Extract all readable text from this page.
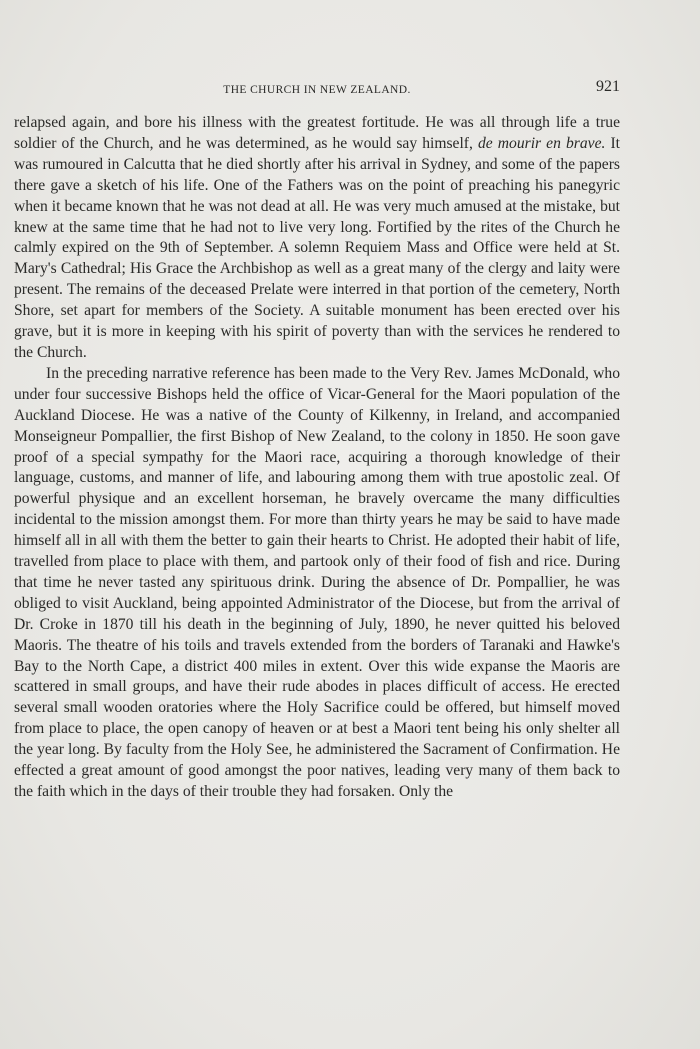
THE CHURCH IN NEW ZEALAND.	921

relapsed again, and bore his illness with the greatest fortitude. He was all through life a true soldier of the Church, and he was determined, as he would say himself, de mourir en brave. It was rumoured in Calcutta that he died shortly after his arrival in Sydney, and some of the papers there gave a sketch of his life. One of the Fathers was on the point of preaching his panegyric when it became known that he was not dead at all. He was very much amused at the mistake, but knew at the same time that he had not to live very long. Fortified by the rites of the Church he calmly expired on the 9th of September. A solemn Requiem Mass and Office were held at St. Mary's Cathedral; His Grace the Archbishop as well as a great many of the clergy and laity were present. The remains of the deceased Prelate were interred in that portion of the cemetery, North Shore, set apart for members of the Society. A suitable monument has been erected over his grave, but it is more in keeping with his spirit of poverty than with the services he rendered to the Church.

In the preceding narrative reference has been made to the Very Rev. James McDonald, who under four successive Bishops held the office of Vicar-General for the Maori population of the Auckland Diocese. He was a native of the County of Kilkenny, in Ireland, and accompanied Monseigneur Pompallier, the first Bishop of New Zealand, to the colony in 1850. He soon gave proof of a special sympathy for the Maori race, acquiring a thorough knowledge of their language, customs, and manner of life, and labouring among them with true apostolic zeal. Of powerful physique and an excellent horseman, he bravely overcame the many difficulties incidental to the mission amongst them. For more than thirty years he may be said to have made himself all in all with them the better to gain their hearts to Christ. He adopted their habit of life, travelled from place to place with them, and partook only of their food of fish and rice. During that time he never tasted any spirituous drink. During the absence of Dr. Pompallier, he was obliged to visit Auckland, being appointed Administrator of the Diocese, but from the arrival of Dr. Croke in 1870 till his death in the beginning of July, 1890, he never quitted his beloved Maoris. The theatre of his toils and travels extended from the borders of Taranaki and Hawke's Bay to the North Cape, a district 400 miles in extent. Over this wide expanse the Maoris are scattered in small groups, and have their rude abodes in places difficult of access. He erected several small wooden oratories where the Holy Sacrifice could be offered, but himself moved from place to place, the open canopy of heaven or at best a Maori tent being his only shelter all the year long. By faculty from the Holy See, he administered the Sacrament of Confirmation. He effected a great amount of good amongst the poor natives, leading very many of them back to the faith which in the days of their trouble they had forsaken. Only the
